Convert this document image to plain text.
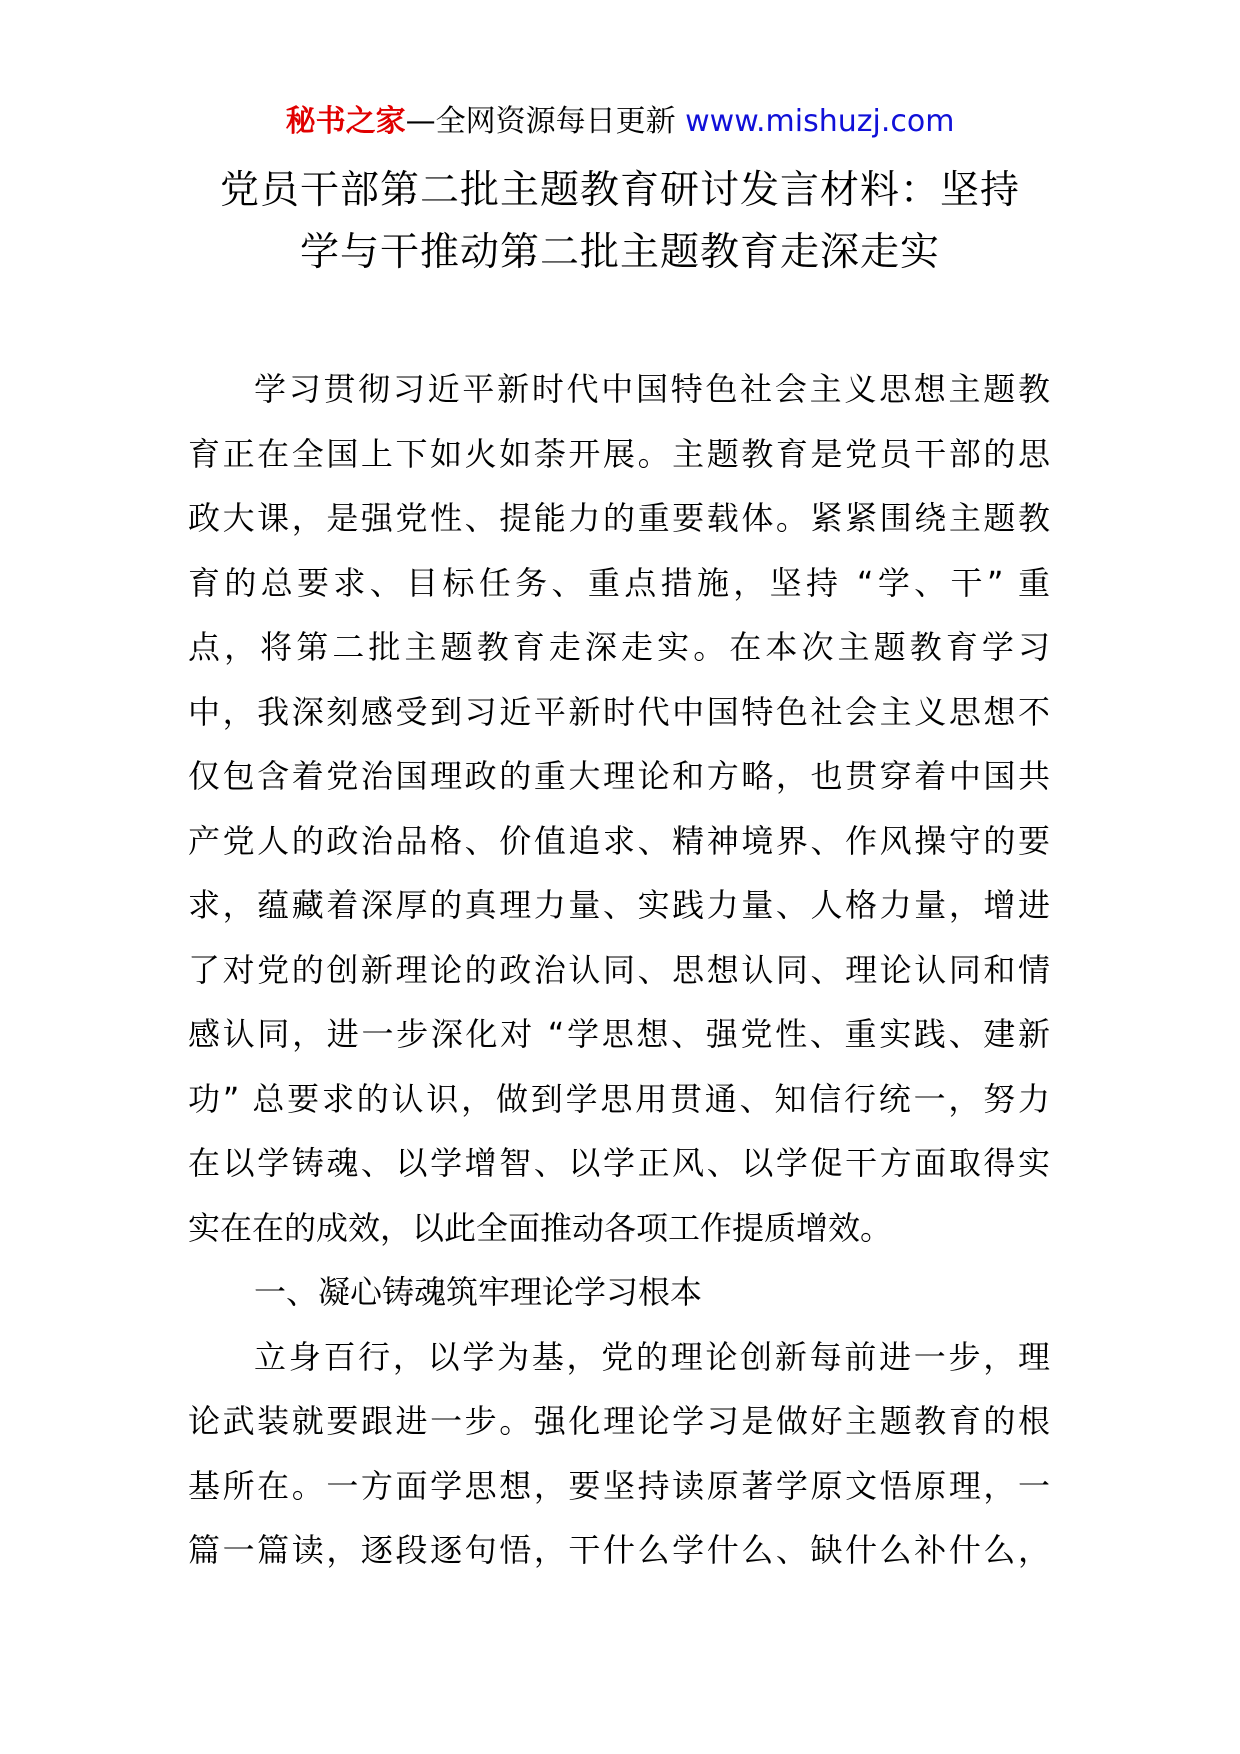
秘书之家—全网资源每日更新 www.mishuzj.com
党员干部第二批主题教育研讨发言材料：坚持
学与干推动第二批主题教育走深走实
学习贯彻习近平新时代中国特色社会主义思想主题教
育正在全国上下如火如荼开展。主题教育是党员干部的思
政大课，是强党性、提能力的重要载体。紧紧围绕主题教
育的总要求、目标任务、重点措施，坚持 “学、干” 重
点，将第二批主题教育走深走实。在本次主题教育学习
中，我深刻感受到习近平新时代中国特色社会主义思想不
仅包含着党治国理政的重大理论和方略，也贯穿着中国共
产党人的政治品格、价值追求、精神境界、作风操守的要
求，蕴藏着深厚的真理力量、实践力量、人格力量，增进
了对党的创新理论的政治认同、思想认同、理论认同和情
感认同，进一步深化对 “学思想、强党性、重实践、建新
功” 总要求的认识，做到学思用贯通、知信行统一，努力
在以学铸魂、以学增智、以学正风、以学促干方面取得实
实在在的成效，以此全面推动各项工作提质增效。
一、凝心铸魂筑牢理论学习根本
立身百行，以学为基，党的理论创新每前进一步，理
论武装就要跟进一步。强化理论学习是做好主题教育的根
基所在。一方面学思想，要坚持读原著学原文悟原理，一
篇一篇读，逐段逐句悟，干什么学什么、缺什么补什么，
